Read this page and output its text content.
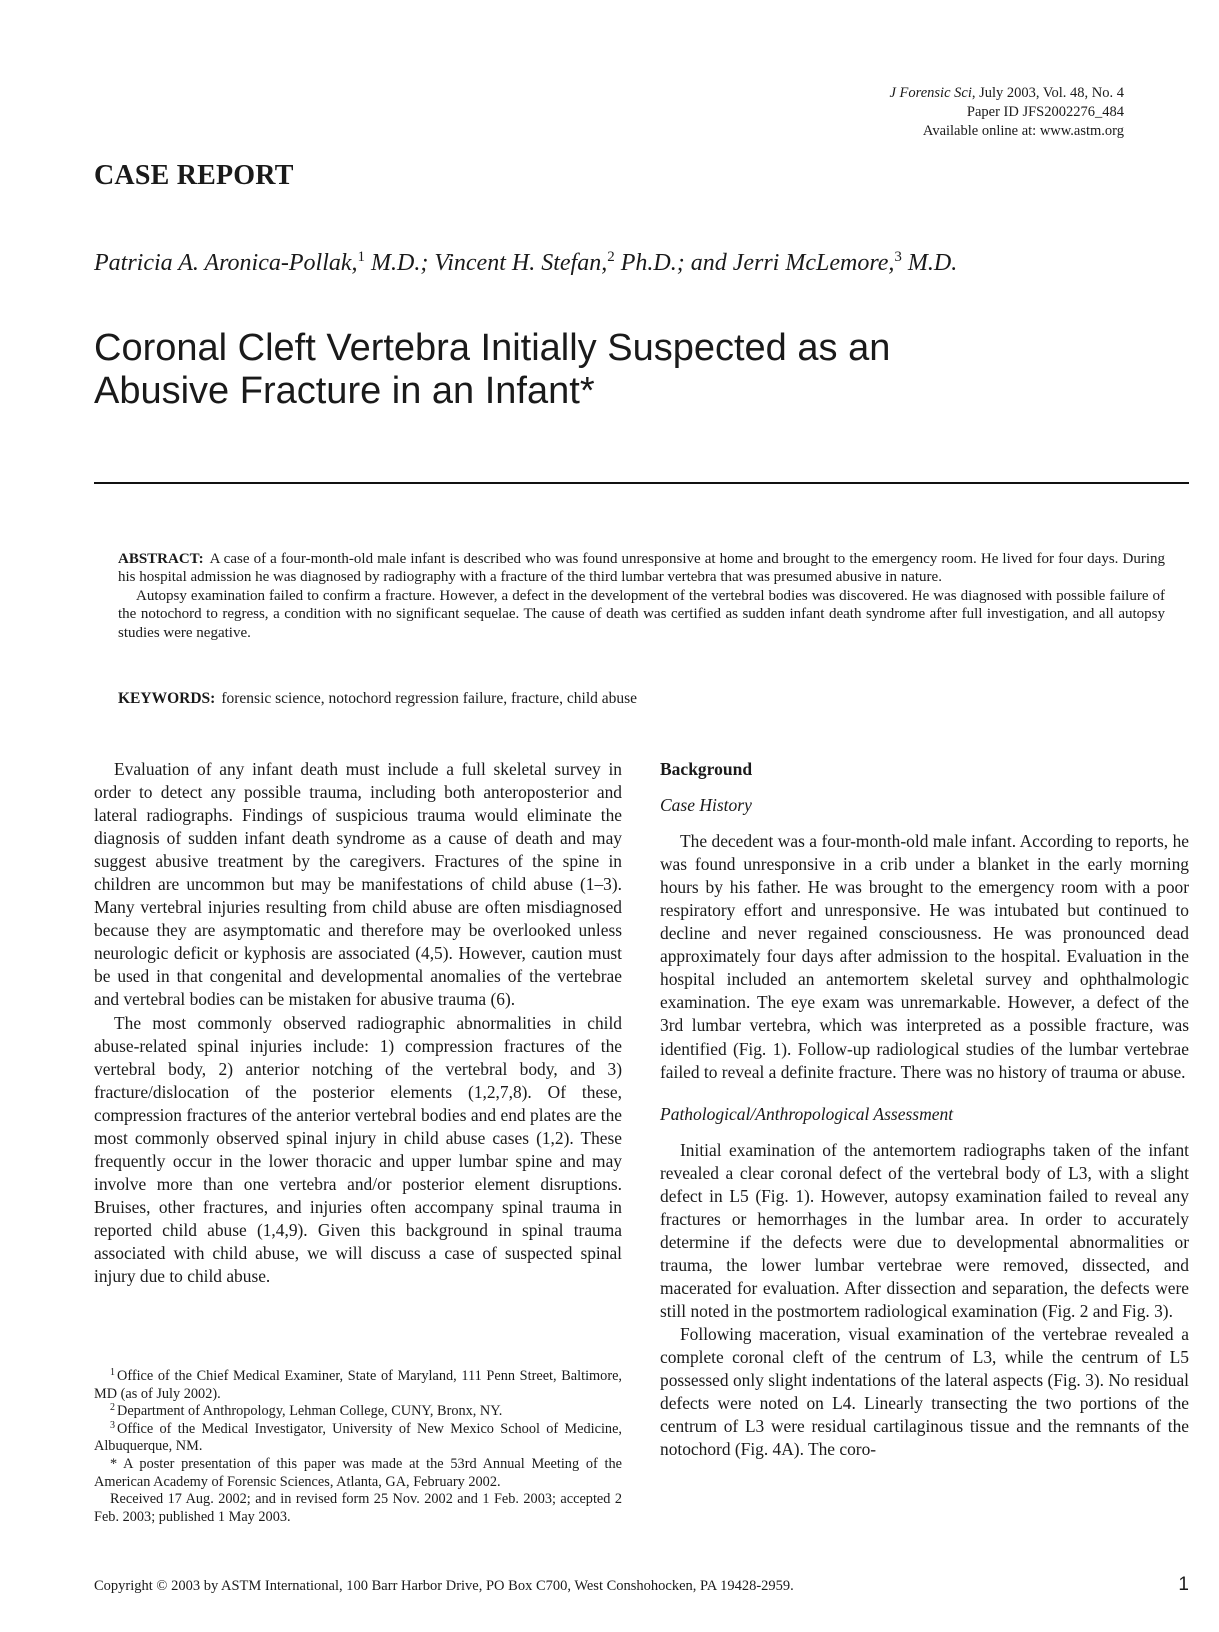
J Forensic Sci, July 2003, Vol. 48, No. 4
Paper ID JFS2002276_484
Available online at: www.astm.org
CASE REPORT
Patricia A. Aronica-Pollak,$^1$ M.D.; Vincent H. Stefan,$^2$ Ph.D.; and Jerri McLemore,$^3$ M.D.
Coronal Cleft Vertebra Initially Suspected as an
Abusive Fracture in an Infant*

ABSTRACT: A case of a four-month-old male infant is described who was found unresponsive at home and brought to the emergency room. He lived for four days. During his hospital admission he was diagnosed by radiography with a fracture of the third lumbar vertebra that was presumed abusive in nature.

Autopsy examination failed to confirm a fracture. However, a defect in the development of the vertebral bodies was discovered. He was diagnosed with possible failure of the notochord to regress, a condition with no significant sequelae. The cause of death was certified as sudden infant death syndrome after full investigation, and all autopsy studies were negative.

KEYWORDS: forensic science, notochord regression failure, fracture, child abuse

Evaluation of any infant death must include a full skeletal survey in order to detect any possible trauma, including both anteroposterior and lateral radiographs. Findings of suspicious trauma would eliminate the diagnosis of sudden infant death syndrome as a cause of death and may suggest abusive treatment by the caregivers. Fractures of the spine in children are uncommon but may be manifestations of child abuse (1–3). Many vertebral injuries resulting from child abuse are often misdiagnosed because they are asymptomatic and therefore may be overlooked unless neurologic deficit or kyphosis are associated (4,5). However, caution must be used in that congenital and developmental anomalies of the vertebrae and vertebral bodies can be mistaken for abusive trauma (6).

The most commonly observed radiographic abnormalities in child abuse-related spinal injuries include: 1) compression fractures of the vertebral body, 2) anterior notching of the vertebral body, and 3) fracture/dislocation of the posterior elements (1,2,7,8). Of these, compression fractures of the anterior vertebral bodies and end plates are the most commonly observed spinal injury in child abuse cases (1,2). These frequently occur in the lower thoracic and upper lumbar spine and may involve more than one vertebra and/or posterior element disruptions. Bruises, other fractures, and injuries often accompany spinal trauma in reported child abuse (1,4,9). Given this background in spinal trauma associated with child abuse, we will discuss a case of suspected spinal injury due to child abuse.

$^1$ Office of the Chief Medical Examiner, State of Maryland, 111 Penn Street, Baltimore, MD (as of July 2002).

$^2$ Department of Anthropology, Lehman College, CUNY, Bronx, NY.

$^3$ Office of the Medical Investigator, University of New Mexico School of Medicine, Albuquerque, NM.

* A poster presentation of this paper was made at the 53rd Annual Meeting of the American Academy of Forensic Sciences, Atlanta, GA, February 2002.

Received 17 Aug. 2002; and in revised form 25 Nov. 2002 and 1 Feb. 2003; accepted 2 Feb. 2003; published 1 May 2003.

Background
Case History

The decedent was a four-month-old male infant. According to reports, he was found unresponsive in a crib under a blanket in the early morning hours by his father. He was brought to the emergency room with a poor respiratory effort and unresponsive. He was intubated but continued to decline and never regained consciousness. He was pronounced dead approximately four days after admission to the hospital. Evaluation in the hospital included an antemortem skeletal survey and ophthalmologic examination. The eye exam was unremarkable. However, a defect of the 3rd lumbar vertebra, which was interpreted as a possible fracture, was identified (Fig. 1). Follow-up radiological studies of the lumbar vertebrae failed to reveal a definite fracture. There was no history of trauma or abuse.

Pathological/Anthropological Assessment

Initial examination of the antemortem radiographs taken of the infant revealed a clear coronal defect of the vertebral body of L3, with a slight defect in L5 (Fig. 1). However, autopsy examination failed to reveal any fractures or hemorrhages in the lumbar area. In order to accurately determine if the defects were due to developmental abnormalities or trauma, the lower lumbar vertebrae were removed, dissected, and macerated for evaluation. After dissection and separation, the defects were still noted in the postmortem radiological examination (Fig. 2 and Fig. 3).

Following maceration, visual examination of the vertebrae revealed a complete coronal cleft of the centrum of L3, while the centrum of L5 possessed only slight indentations of the lateral aspects (Fig. 3). No residual defects were noted on L4. Linearly transecting the two portions of the centrum of L3 were residual cartilaginous tissue and the remnants of the notochord (Fig. 4A). The coro-

Copyright © 2003 by ASTM International, 100 Barr Harbor Drive, PO Box C700, West Conshohocken, PA 19428-2959.	1
